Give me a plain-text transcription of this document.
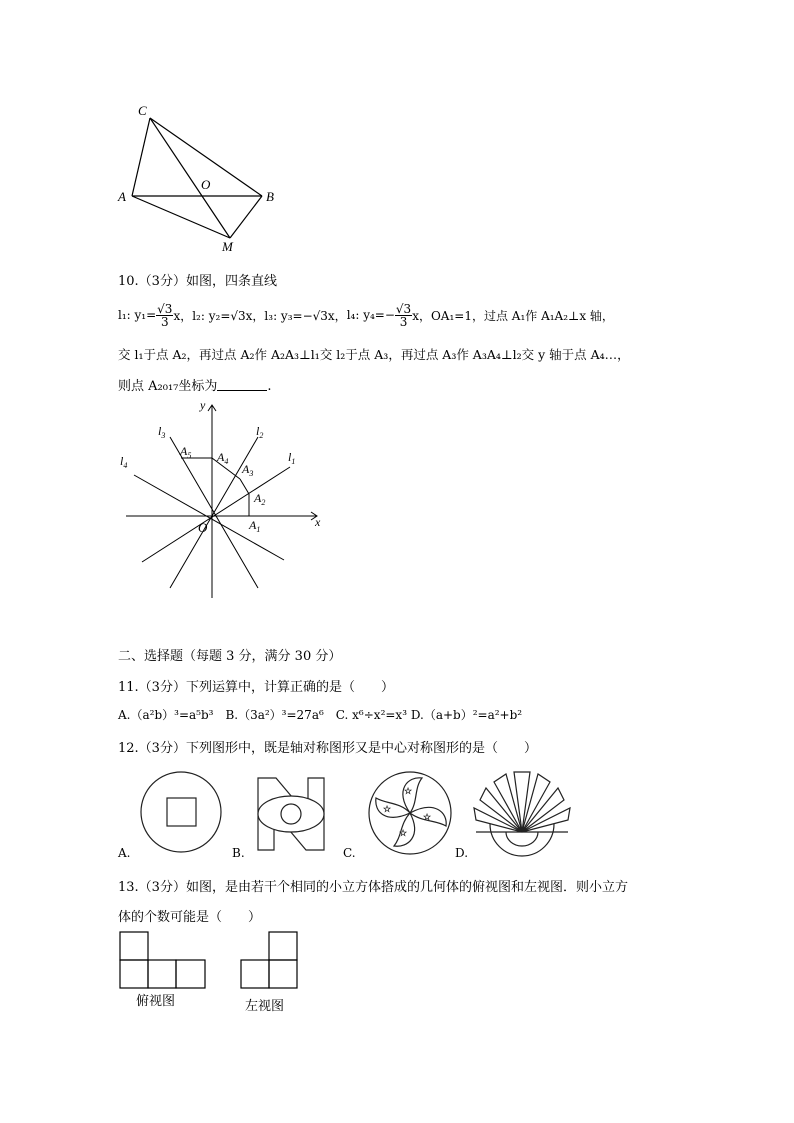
C
A
O
B
M
10.（3分）如图，四条直线
l₁: $y_1= \frac{√3}{3}$ x， l₂: y₂=√3x， l₃: y₃=−√3x， l₄: $y_4=- \frac{√3}{3}$ x， OA₁=1，过点 A₁作 A₁A₂⊥x 轴，
交 l₁于点 A₂，再过点 A₂作 A₂A₃⊥l₁交 l₂于点 A₃，再过点 A₃作 A₃A₄⊥l₂交 y 轴于点 A₄…，
则点 A₂₀₁₇坐标为	.
y
x
O
$l_1$
$l_2$
$l_3$
$l_4$
$A_1$
$A_2$
$A_3$
$A_4$
$A_5$
二、选择题（每题 3 分，满分 30 分）
11.（3分）下列运算中，计算正确的是（　　）
A.（a²b）³=a⁵b³　B.（3a²）³=27a⁶　C. x⁶÷x²=x³ D.（a+b）²=a²+b²
12.（3分）下列图形中，既是轴对称图形又是中心对称图形的是（　　）
☆
☆
☆
☆
A.	B.	C.	D.
13.（3分）如图，是由若干个相同的小立方体搭成的几何体的俯视图和左视图．则小立方
体的个数可能是（　　）
俯视图	左视图
